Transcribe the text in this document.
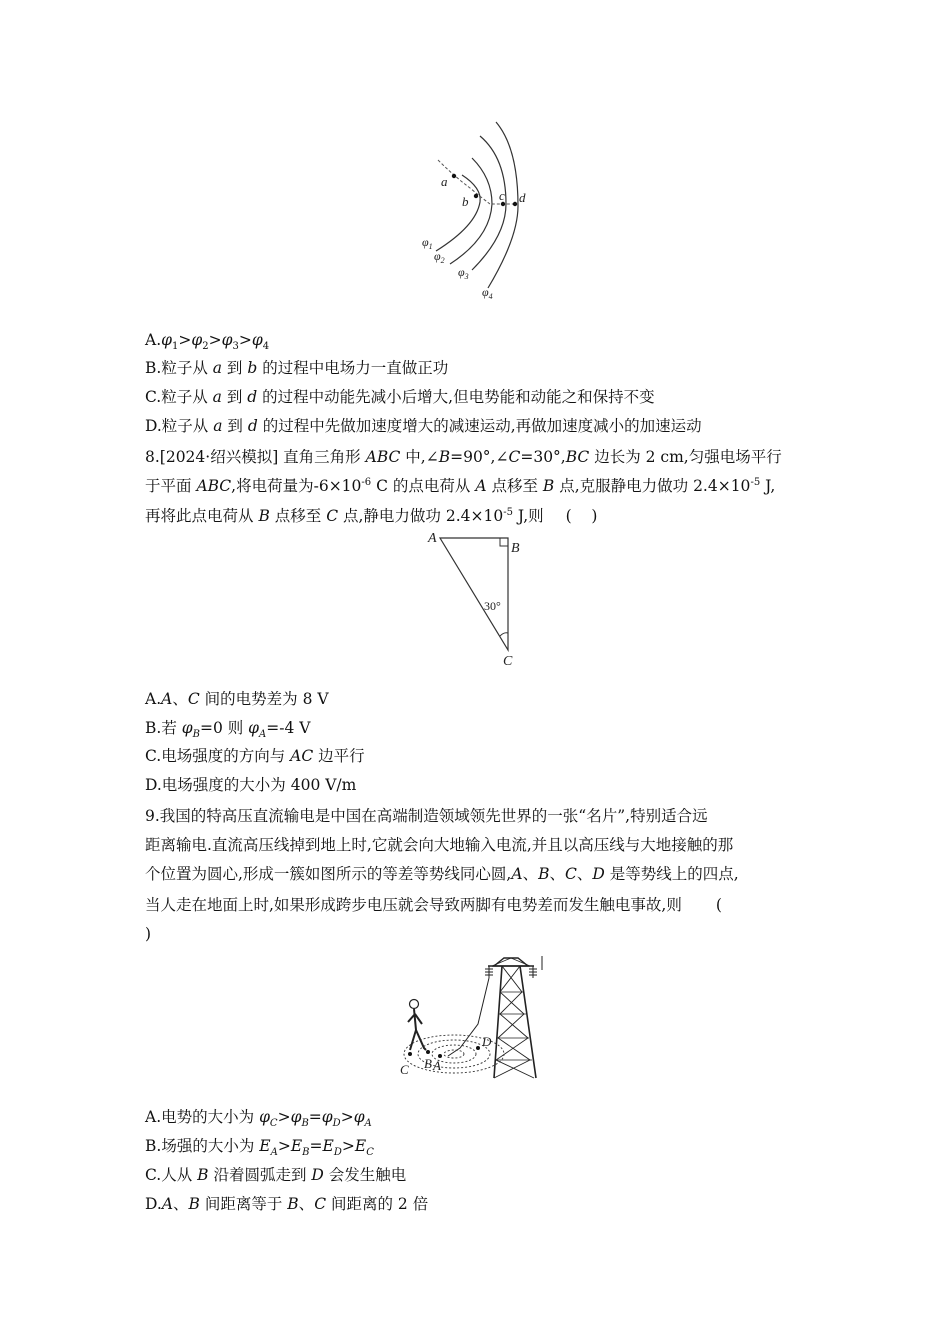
a
b c d
$\varphi_1$
$\varphi_2$
$\varphi_3$
$\varphi_4$
$A.\varphi_1>\varphi_2>\varphi_3>\varphi_4$
B.粒子从 a 到 b 的过程中电场力一直做正功
C.粒子从 a 到 d 的过程中动能先减小后增大,但电势能和动能之和保持不变
D.粒子从 a 到 d 的过程中先做加速度增大的减速运动,再做加速度减小的加速运动
8.[2024·绍兴模拟] 直角三角形 ABC 中,∠B=90°,∠C=30°,BC 边长为 2 cm,匀强电场平行
于平面 ABC,将电荷量为$-6\times 10^{-6}$ C 的点电荷从 A 点移至 B 点,克服静电力做功 $2.4\times 10^{-5}$ J,
再将此点电荷从 B 点移至 C 点,静电力做功 $2.4\times 10^{-5}$ J,则 (    )
A
B
C
30°
A.A、C 间的电势差为 8 V
B.若 $\varphi_B=0$ 则 $\varphi_A=-4$ V
C.电场强度的方向与 AC 边平行
D.电场强度的大小为 400 V/m
9.我国的特高压直流输电是中国在高端制造领域领先世界的一张“名片”,特别适合远
距离输电.直流高压线掉到地上时,它就会向大地输入电流,并且以高压线与大地接触的那
个位置为圆心,形成一簇如图所示的等差等势线同心圆,A、B、C、D 是等势线上的四点,
当人走在地面上时,如果形成跨步电压就会导致两脚有电势差而发生触电事故,则 (
)
C B A
D
A.电势的大小为 $\varphi_C>\varphi_B=\varphi_D>\varphi_A$
B.场强的大小为 $E_A>E_B=E_D>E_C$
C.人从 B 沿着圆弧走到 D 会发生触电
D.A、B 间距离等于 B、C 间距离的 2 倍
